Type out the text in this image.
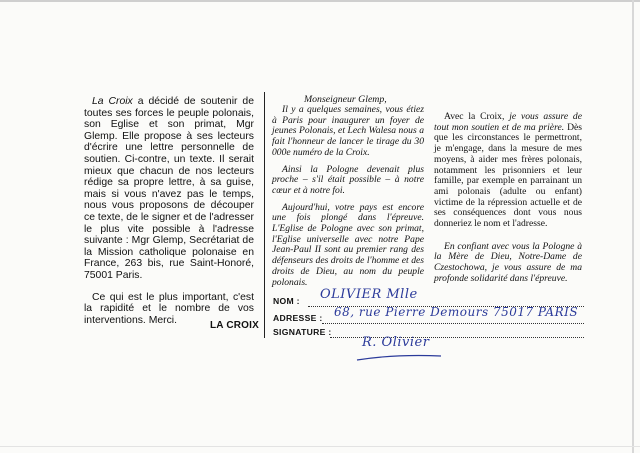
La Croix a décidé de soutenir de toutes ses forces le peuple polonais, son Eglise et son primat, Mgr Glemp. Elle propose à ses lecteurs d'écrire une lettre personnelle de soutien. Ci-contre, un texte. Il serait mieux que chacun de nos lecteurs rédige sa propre lettre, à sa guise, mais si vous n'avez pas le temps, nous vous proposons de découper ce texte, de le signer et de l'adresser le plus vite possible à l'adresse suivante : Mgr Glemp, Secrétariat de la Mission catholique polonaise en France, 263 bis, rue Saint-Honoré, 75001 Paris.

Ce qui est le plus important, c'est la rapidité et le nombre de vos interventions. Merci.	LA CROIX
Monseigneur Glemp,

Il y a quelques semaines, vous étiez à Paris pour inaugurer un foyer de jeunes Polonais, et Lech Walesa nous a fait l'honneur de lancer le tirage du 30 000e numéro de la Croix.

Ainsi la Pologne devenait plus proche – s'il était possible – à notre cœur et à notre foi.

Aujourd'hui, votre pays est encore une fois plongé dans l'épreuve. L'Eglise de Pologne avec son primat, l'Eglise universelle avec notre Pape Jean-Paul II sont au premier rang des défenseurs des droits de l'homme et des droits de Dieu, au nom du peuple polonais.

Avec la Croix, je vous assure de tout mon soutien et de ma prière. Dès que les circonstances le permettront, je m'engage, dans la mesure de mes moyens, à aider mes frères polonais, notamment les prisonniers et leur famille, par exemple en parrainant un ami polonais (adulte ou enfant) victime de la répression actuelle et de ses conséquences dont vous nous donneriez le nom et l'adresse.

En confiant avec vous la Pologne à la Mère de Dieu, Notre-Dame de Czestochowa, je vous assure de ma profonde solidarité dans l'épreuve.

NOM : OLIVIER Mlle
ADRESSE : 68, rue Pierre Demours 75017 PARIS
SIGNATURE :
R. Olivier
